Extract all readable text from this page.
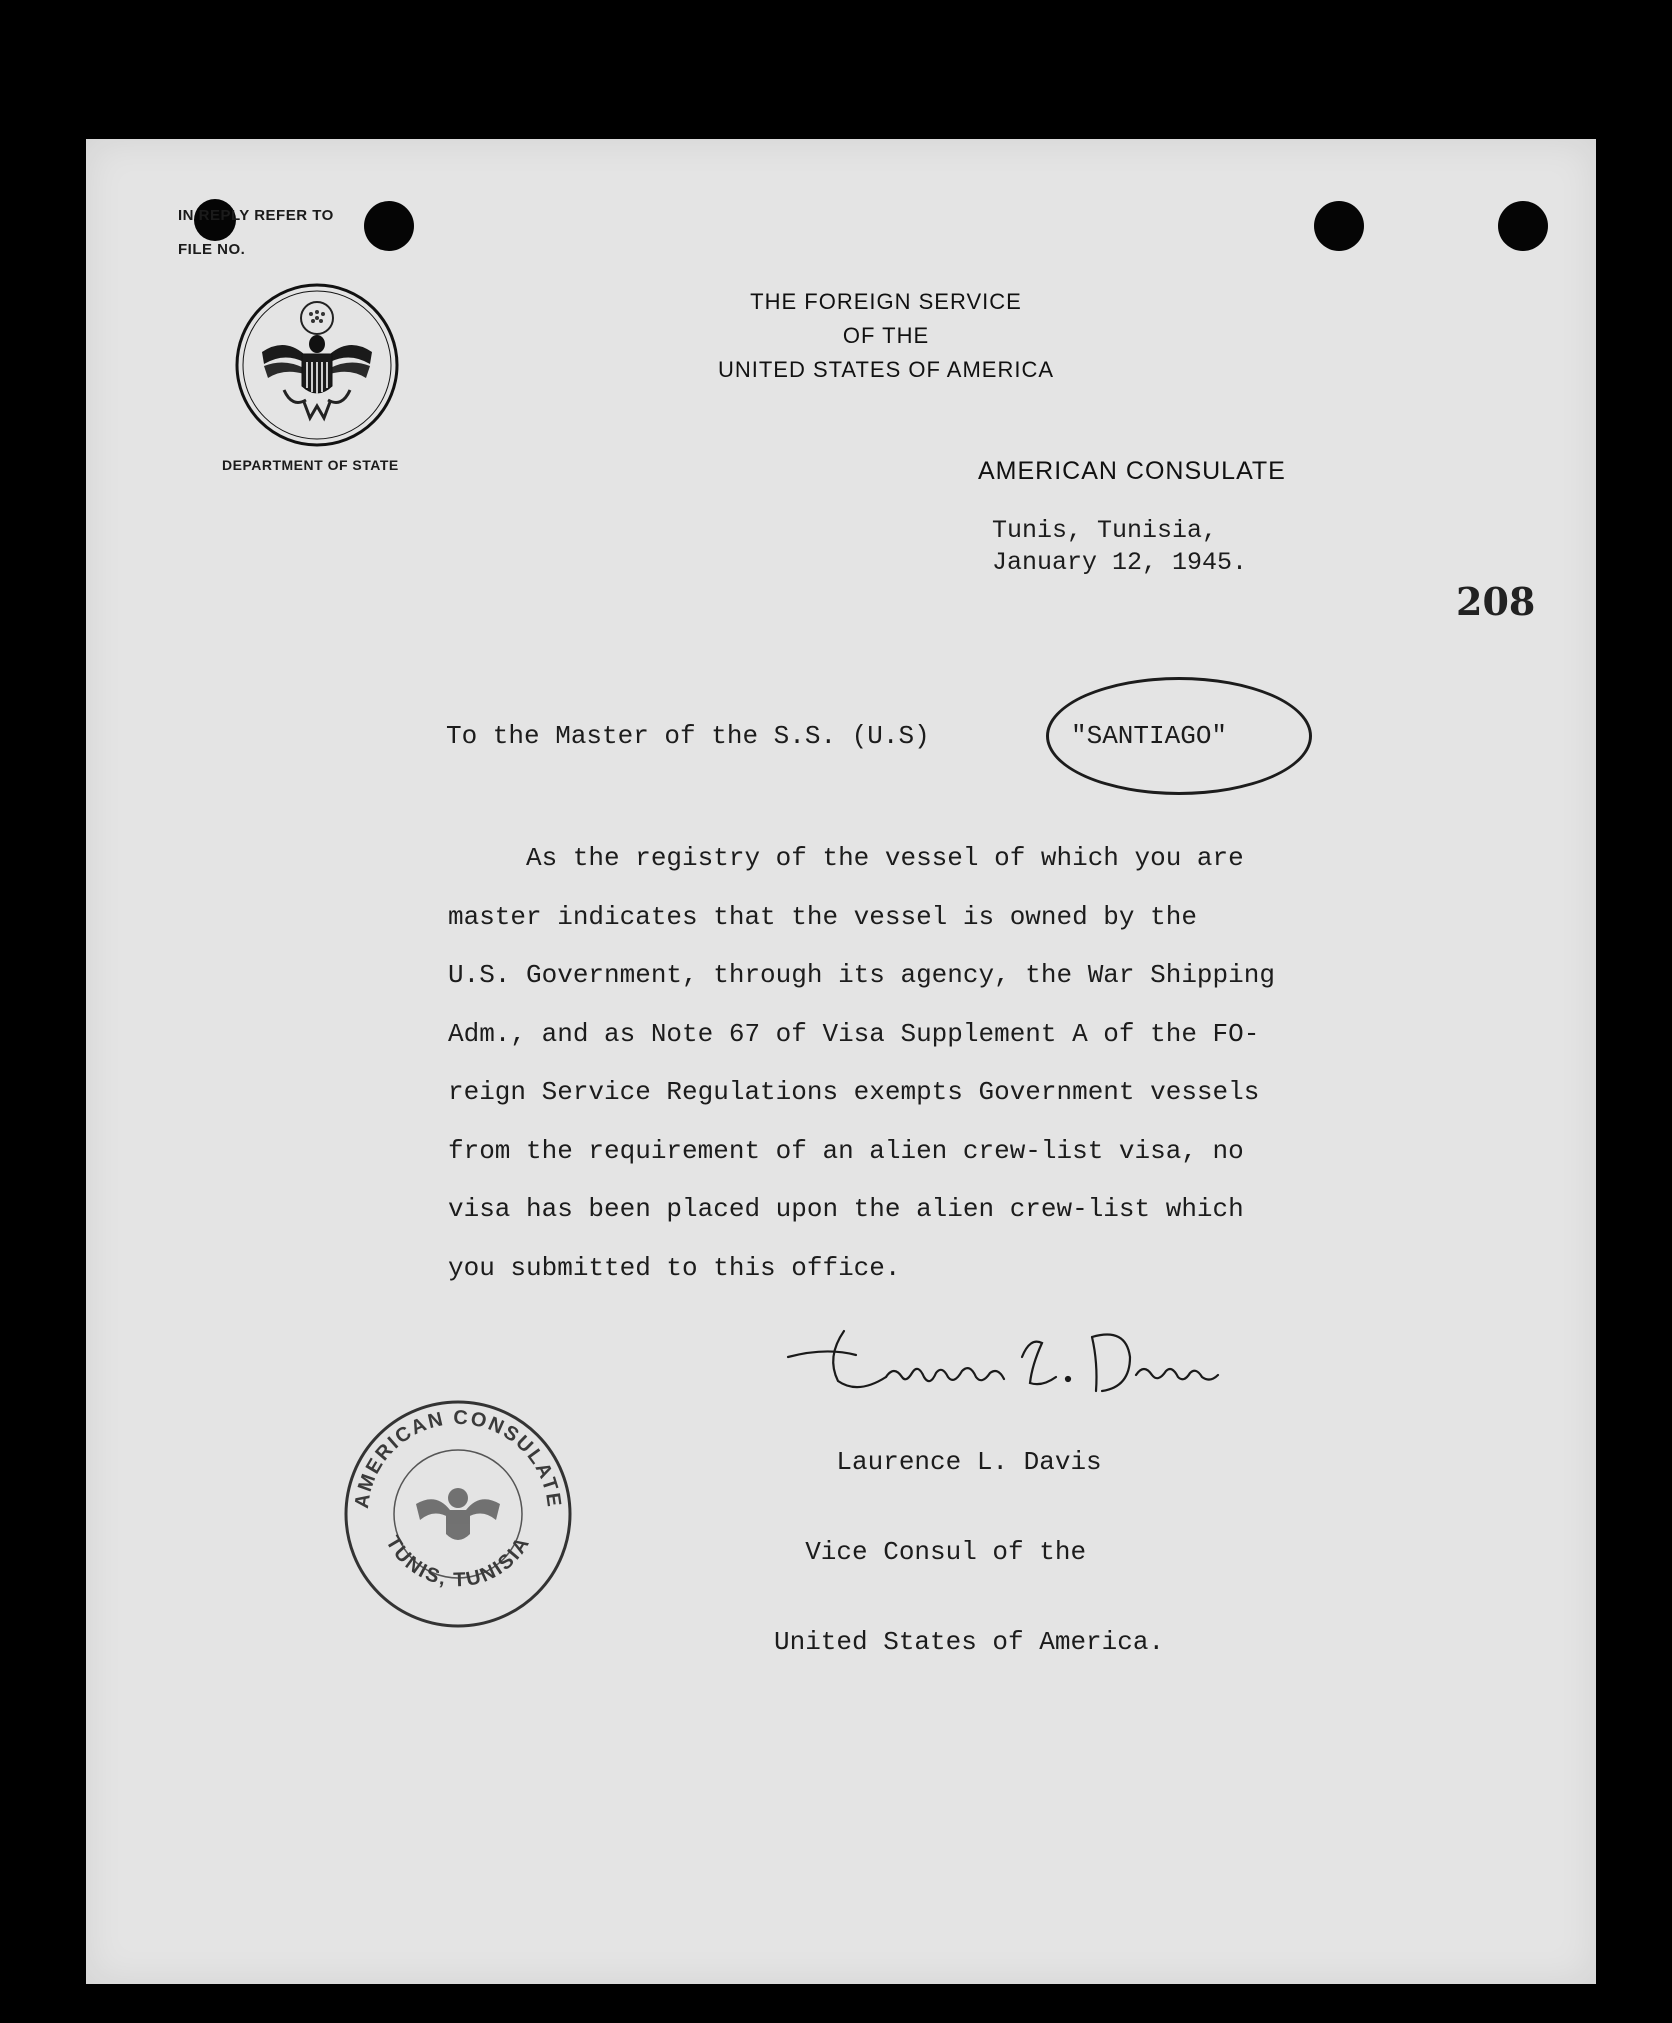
IN REPLY REFER TO
FILE NO.
DEPARTMENT OF STATE
THE FOREIGN SERVICE
OF THE
UNITED STATES OF AMERICA
AMERICAN CONSULATE
Tunis, Tunisia,
January 12, 1945.
208
To the Master of the S.S. (U.S)	"SANTIAGO"
As the registry of the vessel of which you are
master indicates that the vessel is owned by the
U.S. Government, through its agency, the War Shipping
Adm., and as Note 67 of Visa Supplement A of the FO-
reign Service Regulations exempts Government vessels
from the requirement of an alien crew-list visa, no
visa has been placed upon the alien crew-list which
you submitted to this office.

Laurence L. Davis

Vice Consul of the

United States of America.

AMERICAN CONSULATE
TUNIS, TUNISIA
